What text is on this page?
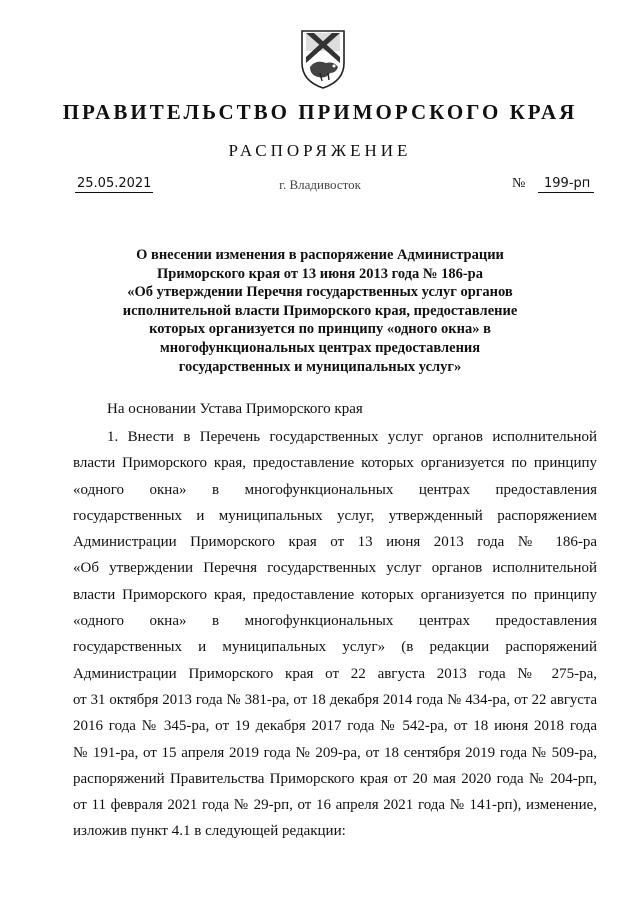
ПРАВИТЕЛЬСТВО ПРИМОРСКОГО КРАЯ
РАСПОРЯЖЕНИЕ
25.05.2021	г. Владивосток	№	199-рп
О внесении изменения в распоряжение Администрации
Приморского края от 13 июня 2013 года № 186-ра
«Об утверждении Перечня государственных услуг органов
исполнительной власти Приморского края, предоставление
которых организуется по принципу «одного окна» в
многофункциональных центрах предоставления
государственных и муниципальных услуг»
На основании Устава Приморского края
1. Внести в Перечень государственных услуг органов исполнительной
власти Приморского края, предоставление которых организуется по принципу
«одного окна» в многофункциональных центрах предоставления
государственных и муниципальных услуг, утвержденный распоряжением
Администрации Приморского края от 13 июня 2013 года № 186-ра
«Об утверждении Перечня государственных услуг органов исполнительной
власти Приморского края, предоставление которых организуется по принципу
«одного окна» в многофункциональных центрах предоставления
государственных и муниципальных услуг» (в редакции распоряжений
Администрации Приморского края от 22 августа 2013 года № 275-ра,
от 31 октября 2013 года № 381-ра, от 18 декабря 2014 года № 434-ра, от 22 августа
2016 года № 345-ра, от 19 декабря 2017 года № 542-ра, от 18 июня 2018 года
№ 191-ра, от 15 апреля 2019 года № 209-ра, от 18 сентября 2019 года № 509-ра,
распоряжений Правительства Приморского края от 20 мая 2020 года № 204-рп,
от 11 февраля 2021 года № 29-рп, от 16 апреля 2021 года № 141-рп), изменение,
изложив пункт 4.1 в следующей редакции:
